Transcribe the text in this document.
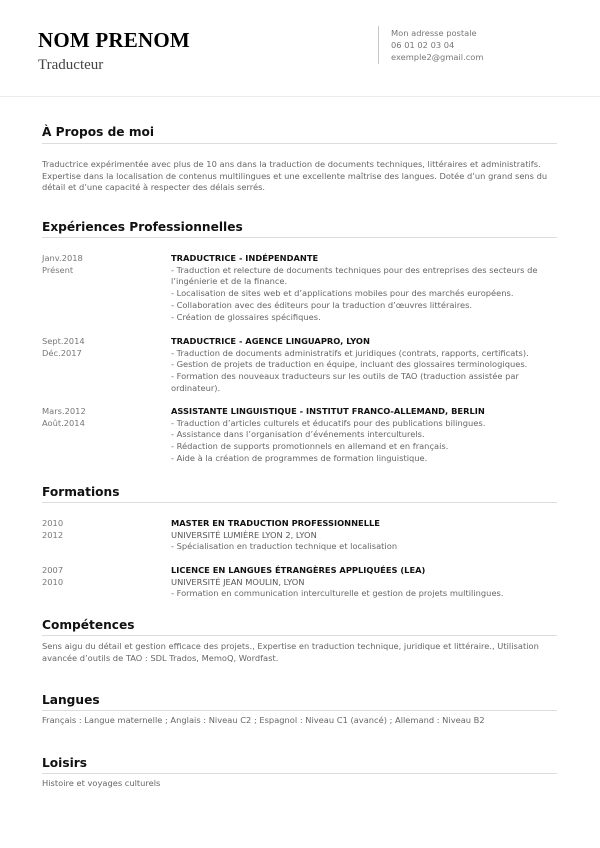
NOM PRENOM
Traducteur
Mon adresse postale
06 01 02 03 04
exemple2@gmail.com
À Propos de moi
Traductrice expérimentée avec plus de 10 ans dans la traduction de documents techniques, littéraires et administratifs. Expertise dans la localisation de contenus multilingues et une excellente maîtrise des langues. Dotée d’un grand sens du détail et d’une capacité à respecter des délais serrés.
Expériences Professionnelles
Janv.2018
Présent
TRADUCTRICE - INDÉPENDANTE
- Traduction et relecture de documents techniques pour des entreprises des secteurs de l’ingénierie et de la finance.
- Localisation de sites web et d’applications mobiles pour des marchés européens.
- Collaboration avec des éditeurs pour la traduction d’œuvres littéraires.
- Création de glossaires spécifiques.
Sept.2014
Déc.2017
TRADUCTRICE - AGENCE LINGUAPRO, LYON
- Traduction de documents administratifs et juridiques (contrats, rapports, certificats).
- Gestion de projets de traduction en équipe, incluant des glossaires terminologiques.
- Formation des nouveaux traducteurs sur les outils de TAO (traduction assistée par ordinateur).
Mars.2012
Août.2014
ASSISTANTE LINGUISTIQUE - INSTITUT FRANCO-ALLEMAND, BERLIN
- Traduction d’articles culturels et éducatifs pour des publications bilingues.
- Assistance dans l’organisation d’événements interculturels.
- Rédaction de supports promotionnels en allemand et en français.
- Aide à la création de programmes de formation linguistique.
Formations
2010
2012
MASTER EN TRADUCTION PROFESSIONNELLE
UNIVERSITÉ LUMIÈRE LYON 2, LYON
- Spécialisation en traduction technique et localisation
2007
2010
LICENCE EN LANGUES ÉTRANGÈRES APPLIQUÉES (LEA)
UNIVERSITÉ JEAN MOULIN, LYON
- Formation en communication interculturelle et gestion de projets multilingues.
Compétences
Sens aigu du détail et gestion efficace des projets., Expertise en traduction technique, juridique et littéraire., Utilisation avancée d’outils de TAO : SDL Trados, MemoQ, Wordfast.
Langues
Français : Langue maternelle ; Anglais : Niveau C2 ; Espagnol : Niveau C1 (avancé) ; Allemand : Niveau B2
Loisirs
Histoire et voyages culturels
